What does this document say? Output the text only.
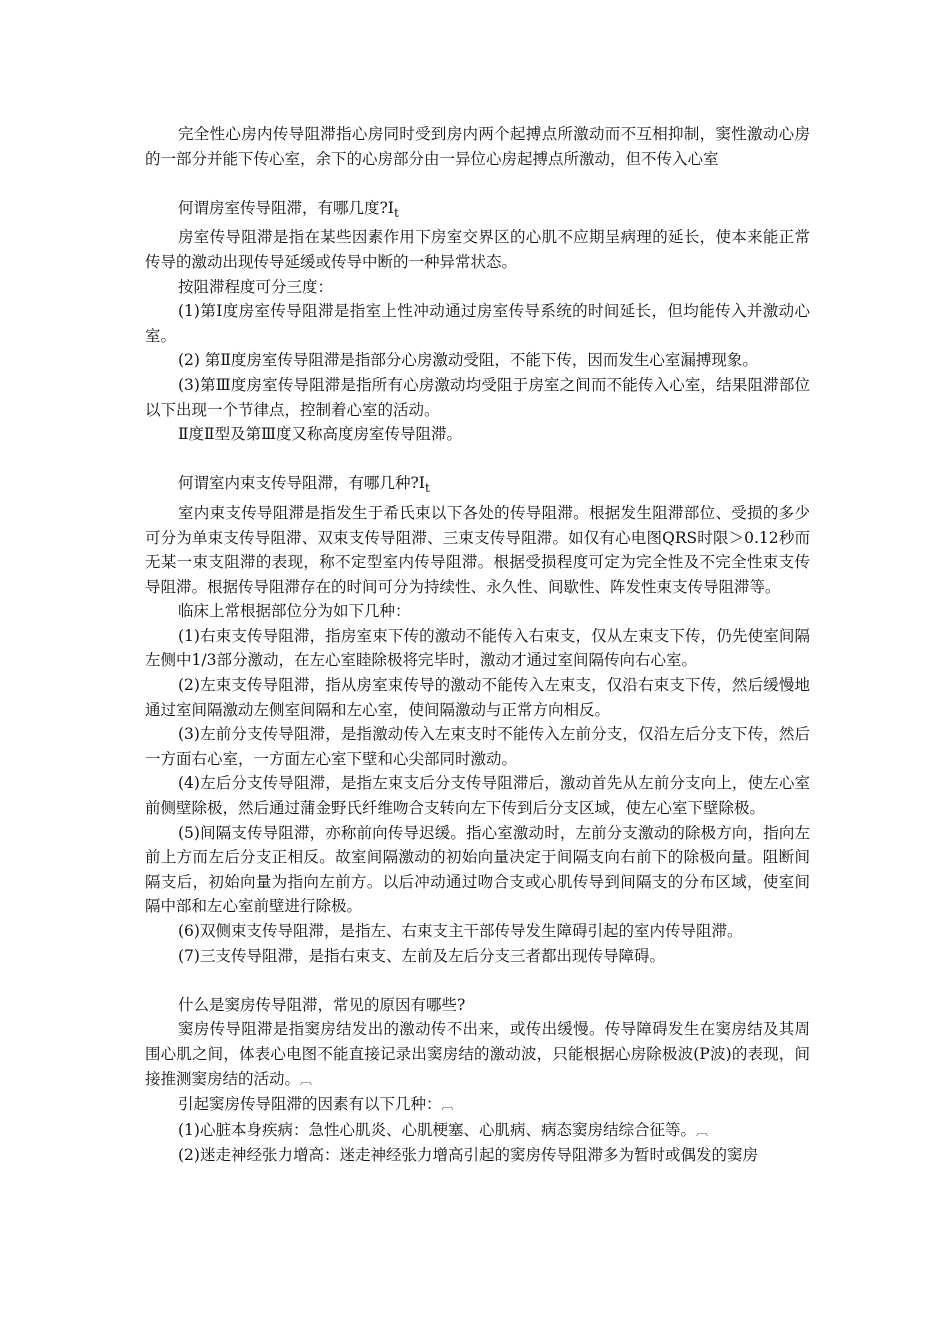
完全性心房内传导阻滞指心房同时受到房内两个起搏点所激动而不互相抑制，窦性激动心房的一部分并能下传心室，余下的心房部分由一异位心房起搏点所激动，但不传入心室

何谓房室传导阻滞，有哪几度$?I_t$

房室传导阻滞是指在某些因素作用下房室交界区的心肌不应期呈病理的延长，使本来能正常传导的激动出现传导延缓或传导中断的一种异常状态。

按阻滞程度可分三度：

(1)第Ⅰ度房室传导阻滞是指室上性冲动通过房室传导系统的时间延长，但均能传入并激动心室。

(2) 第Ⅱ度房室传导阻滞是指部分心房激动受阻，不能下传，因而发生心室漏搏现象。

(3)第Ⅲ度房室传导阻滞是指所有心房激动均受阻于房室之间而不能传入心室，结果阻滞部位以下出现一个节律点，控制着心室的活动。

Ⅱ度Ⅱ型及第Ⅲ度又称高度房室传导阻滞。

何谓室内束支传导阻滞，有哪几种$?I_t$

室内束支传导阻滞是指发生于希氏束以下各处的传导阻滞。根据发生阻滞部位、受损的多少可分为单束支传导阻滞、双束支传导阻滞、三束支传导阻滞。如仅有心电图QRS时限＞0.12秒而无某一束支阻滞的表现，称不定型室内传导阻滞。根据受损程度可定为完全性及不完全性束支传导阻滞。根据传导阻滞存在的时间可分为持续性、永久性、间歇性、阵发性束支传导阻滞等。

临床上常根据部位分为如下几种：

(1)右束支传导阻滞，指房室束下传的激动不能传入右束支，仅从左束支下传，仍先使室间隔左侧中1/3部分激动，在左心室睦除极将完毕时，激动才通过室间隔传向右心室。

(2)左束支传导阻滞，指从房室束传导的激动不能传入左束支，仅沿右束支下传，然后缓慢地通过室间隔激动左侧室间隔和左心室，使间隔激动与正常方向相反。

(3)左前分支传导阻滞，是指激动传入左束支时不能传入左前分支，仅沿左后分支下传，然后一方面右心室，一方面左心室下壁和心尖部同时激动。

(4)左后分支传导阻滞，是指左束支后分支传导阻滞后，激动首先从左前分支向上，使左心室前侧壁除极，然后通过蒲金野氏纤维吻合支转向左下传到后分支区域，使左心室下壁除极。

(5)间隔支传导阻滞，亦称前向传导迟缓。指心室激动时，左前分支激动的除极方向，指向左前上方而左后分支正相反。故室间隔激动的初始向量决定于间隔支向右前下的除极向量。阻断间隔支后，初始向量为指向左前方。以后冲动通过吻合支或心肌传导到间隔支的分布区域，使室间隔中部和左心室前壁进行除极。

(6)双侧束支传导阻滞，是指左、右束支主干部传导发生障碍引起的室内传导阻滞。

(7)三支传导阻滞，是指右束支、左前及左后分支三者都出现传导障碍。

什么是窦房传导阻滞，常见的原因有哪些?

窦房传导阻滞是指窦房结发出的激动传不出来，或传出缓慢。传导障碍发生在窦房结及其周围心肌之间，体表心电图不能直接记录出窦房结的激动波，只能根据心房除极波(P波)的表现，间接推测窦房结的活动。︹

引起窦房传导阻滞的因素有以下几种：︹

(1)心脏本身疾病：急性心肌炎、心肌梗塞、心肌病、病态窦房结综合征等。︹

(2)迷走神经张力增高：迷走神经张力增高引起的窦房传导阻滞多为暂时或偶发的窦房
